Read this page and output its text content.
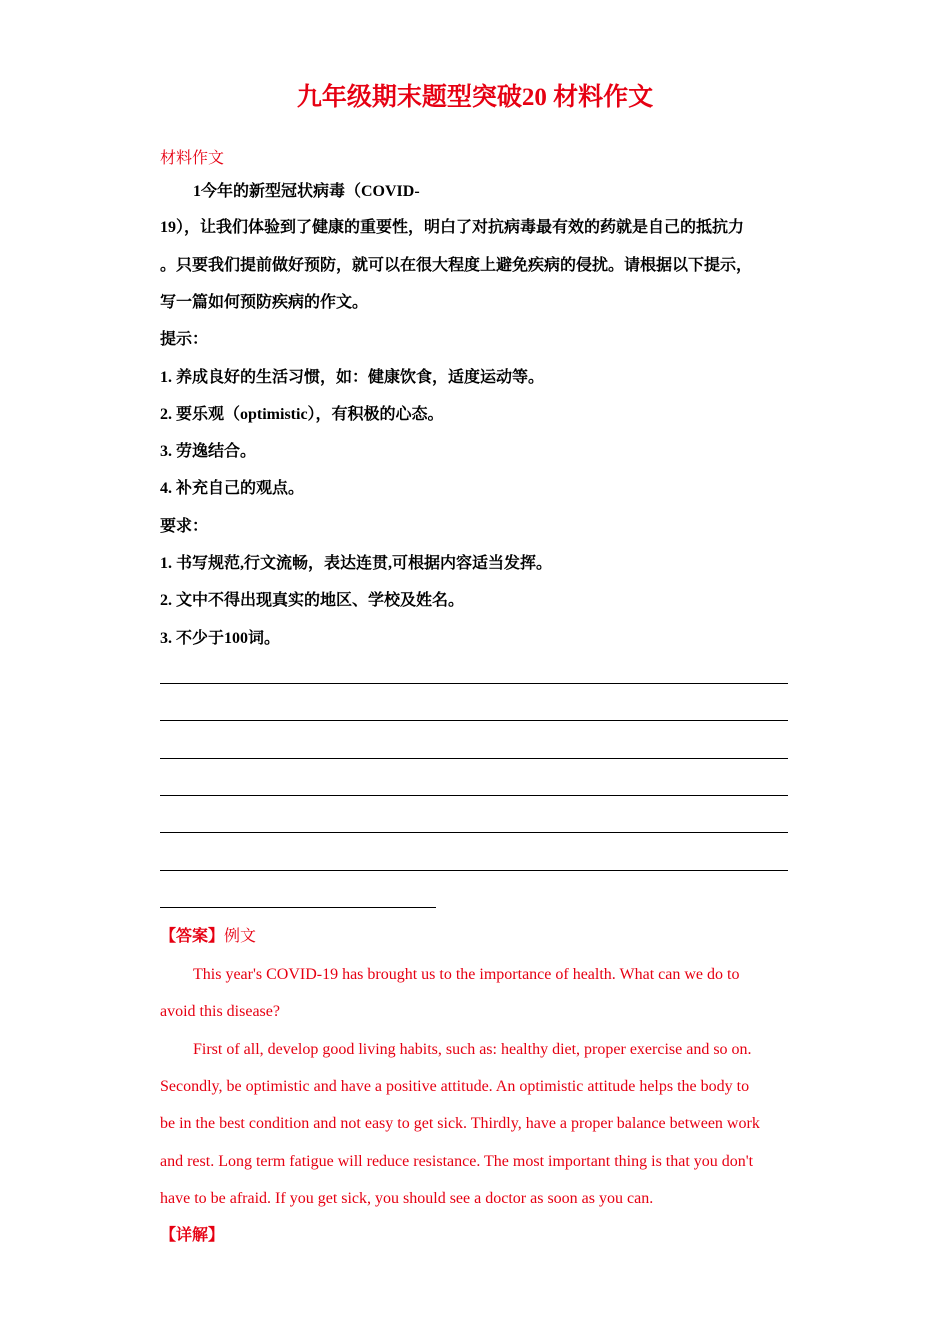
九年级期末题型突破20 材料作文
材料作文
1今年的新型冠状病毒（COVID-
19），让我们体验到了健康的重要性，明白了对抗病毒最有效的药就是自己的抵抗力
。只要我们提前做好预防，就可以在很大程度上避免疾病的侵扰。请根据以下提示，
写一篇如何预防疾病的作文。
提示：
1. 养成良好的生活习惯，如：健康饮食，适度运动等。
2. 要乐观（optimistic），有积极的心态。
3. 劳逸结合。
4. 补充自己的观点。
要求：
1. 书写规范,行文流畅，表达连贯,可根据内容适当发挥。
2. 文中不得出现真实的地区、学校及姓名。
3. 不少于100词。
【答案】例文
This year's COVID-19 has brought us to the importance of health. What can we do to
avoid this disease?
First of all, develop good living habits, such as: healthy diet, proper exercise and so on.
Secondly, be optimistic and have a positive attitude. An optimistic attitude helps the body to
be in the best condition and not easy to get sick. Thirdly, have a proper balance between work
and rest. Long term fatigue will reduce resistance. The most important thing is that you don't
have to be afraid. If you get sick, you should see a doctor as soon as you can.
【详解】
